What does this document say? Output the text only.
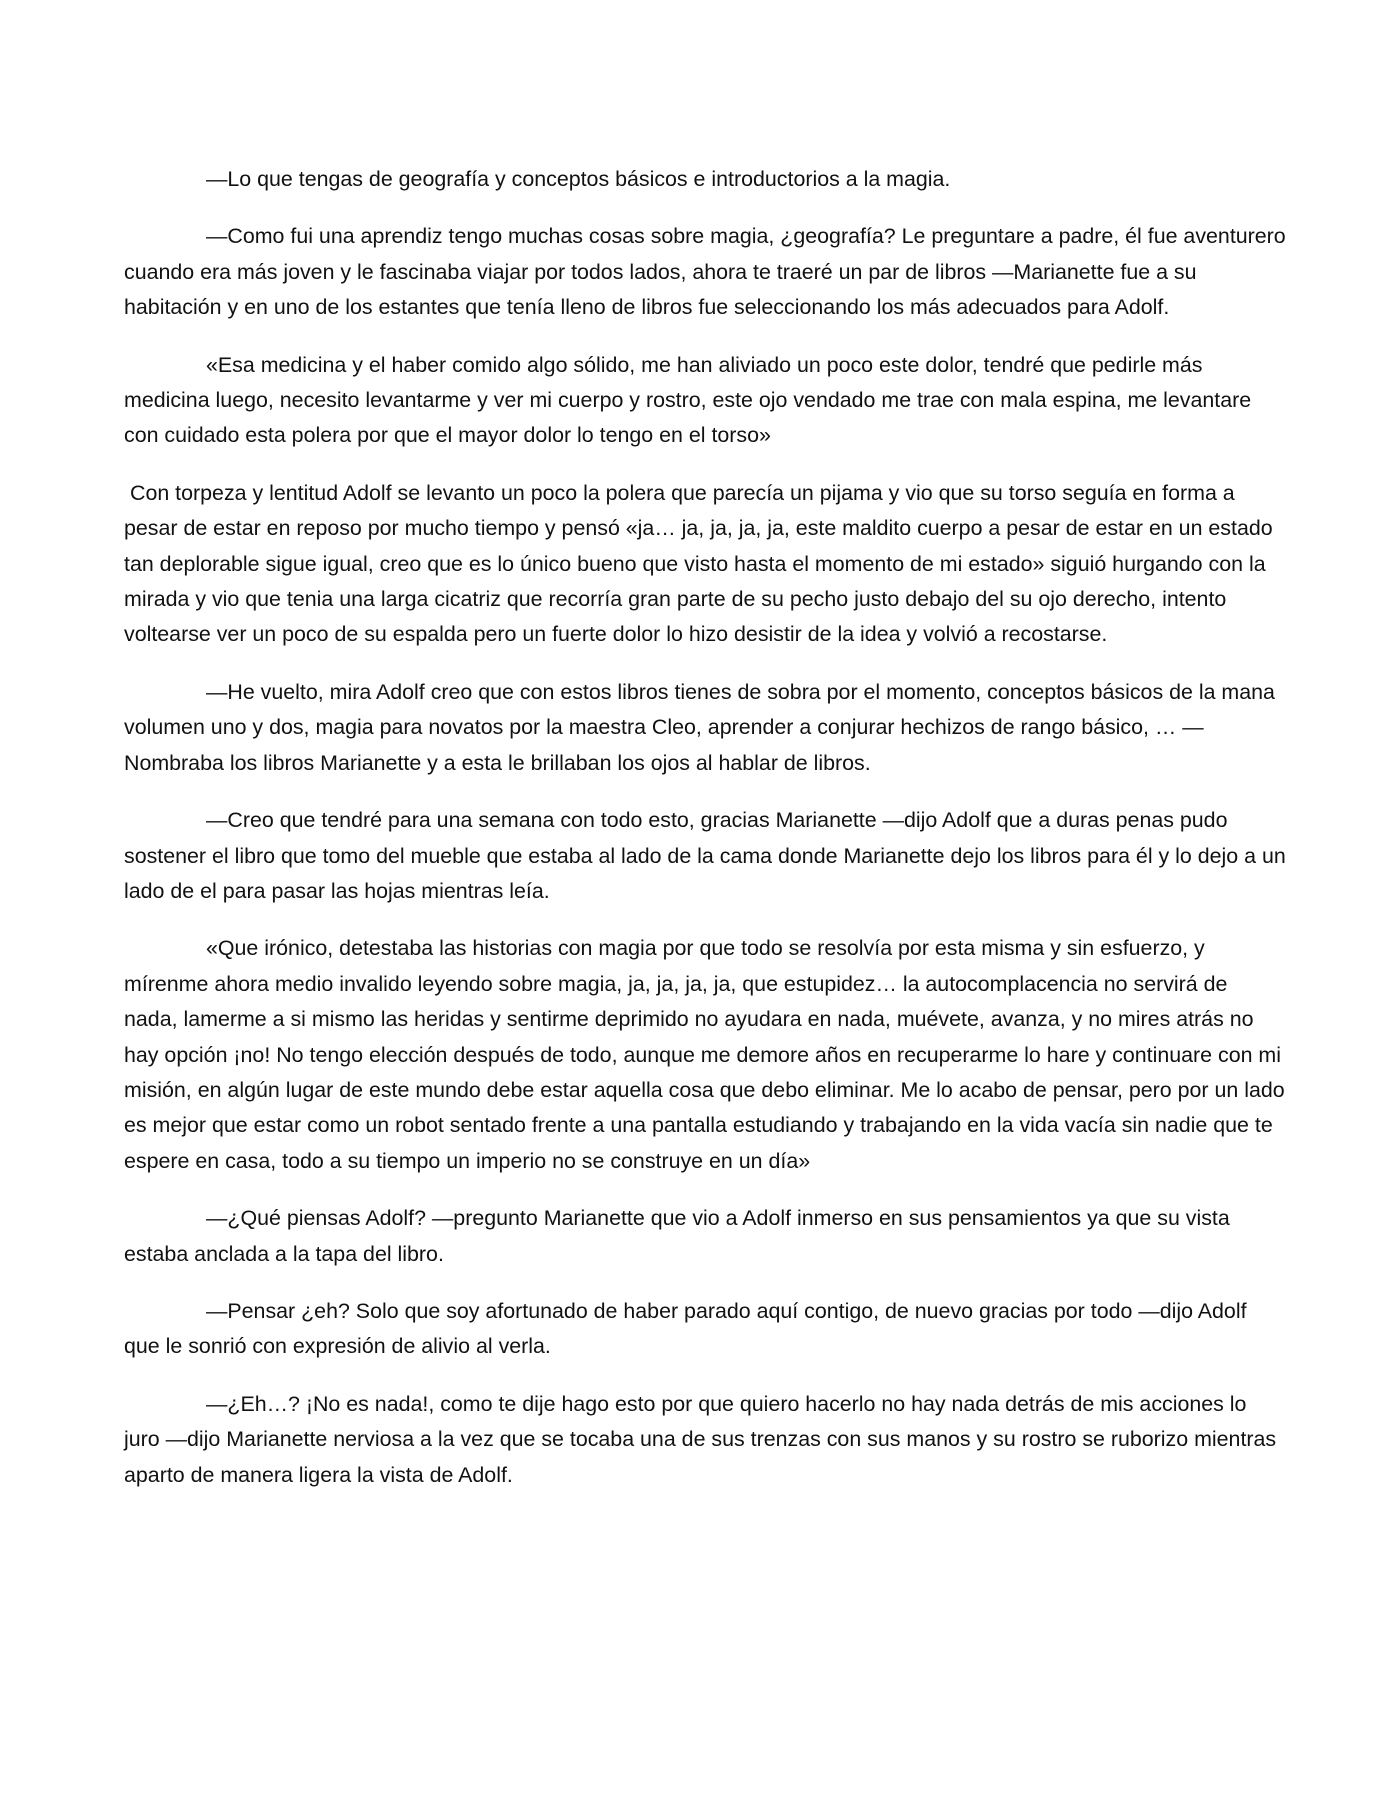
—Lo que tengas de geografía y conceptos básicos e introductorios a la magia.

—Como fui una aprendiz tengo muchas cosas sobre magia, ¿geografía? Le preguntare a padre, él fue aventurero cuando era más joven y le fascinaba viajar por todos lados, ahora te traeré un par de libros —Marianette fue a su habitación y en uno de los estantes que tenía lleno de libros fue seleccionando los más adecuados para Adolf.

«Esa medicina y el haber comido algo sólido, me han aliviado un poco este dolor, tendré que pedirle más medicina luego, necesito levantarme y ver mi cuerpo y rostro, este ojo vendado me trae con mala espina, me levantare con cuidado esta polera por que el mayor dolor lo tengo en el torso»

Con torpeza y lentitud Adolf se levanto un poco la polera que parecía un pijama y vio que su torso seguía en forma a pesar de estar en reposo por mucho tiempo y pensó «ja… ja, ja, ja, ja, este maldito cuerpo a pesar de estar en un estado tan deplorable sigue igual, creo que es lo único bueno que visto hasta el momento de mi estado» siguió hurgando con la mirada y vio que tenia una larga cicatriz que recorría gran parte de su pecho justo debajo del su ojo derecho, intento voltearse ver un poco de su espalda pero un fuerte dolor lo hizo desistir de la idea y volvió a recostarse.

—He vuelto, mira Adolf creo que con estos libros tienes de sobra por el momento, conceptos básicos de la mana volumen uno y dos, magia para novatos por la maestra Cleo, aprender a conjurar hechizos de rango básico, … —Nombraba los libros Marianette y a esta le brillaban los ojos al hablar de libros.

—Creo que tendré para una semana con todo esto, gracias Marianette —dijo Adolf que a duras penas pudo sostener el libro que tomo del mueble que estaba al lado de la cama donde Marianette dejo los libros para él y lo dejo a un lado de el para pasar las hojas mientras leía.

«Que irónico, detestaba las historias con magia por que todo se resolvía por esta misma y sin esfuerzo, y mírenme ahora medio invalido leyendo sobre magia, ja, ja, ja, ja, que estupidez… la autocomplacencia no servirá de nada, lamerme a si mismo las heridas y sentirme deprimido no ayudara en nada, muévete, avanza, y no mires atrás no hay opción ¡no! No tengo elección después de todo, aunque me demore años en recuperarme lo hare y continuare con mi misión, en algún lugar de este mundo debe estar aquella cosa que debo eliminar. Me lo acabo de pensar, pero por un lado es mejor que estar como un robot sentado frente a una pantalla estudiando y trabajando en la vida vacía sin nadie que te espere en casa, todo a su tiempo un imperio no se construye en un día»

—¿Qué piensas Adolf? —pregunto Marianette que vio a Adolf inmerso en sus pensamientos ya que su vista estaba anclada a la tapa del libro.

—Pensar ¿eh? Solo que soy afortunado de haber parado aquí contigo, de nuevo gracias por todo —dijo Adolf que le sonrió con expresión de alivio al verla.

—¿Eh…? ¡No es nada!, como te dije hago esto por que quiero hacerlo no hay nada detrás de mis acciones lo juro —dijo Marianette nerviosa a la vez que se tocaba una de sus trenzas con sus manos y su rostro se ruborizo mientras aparto de manera ligera la vista de Adolf.
